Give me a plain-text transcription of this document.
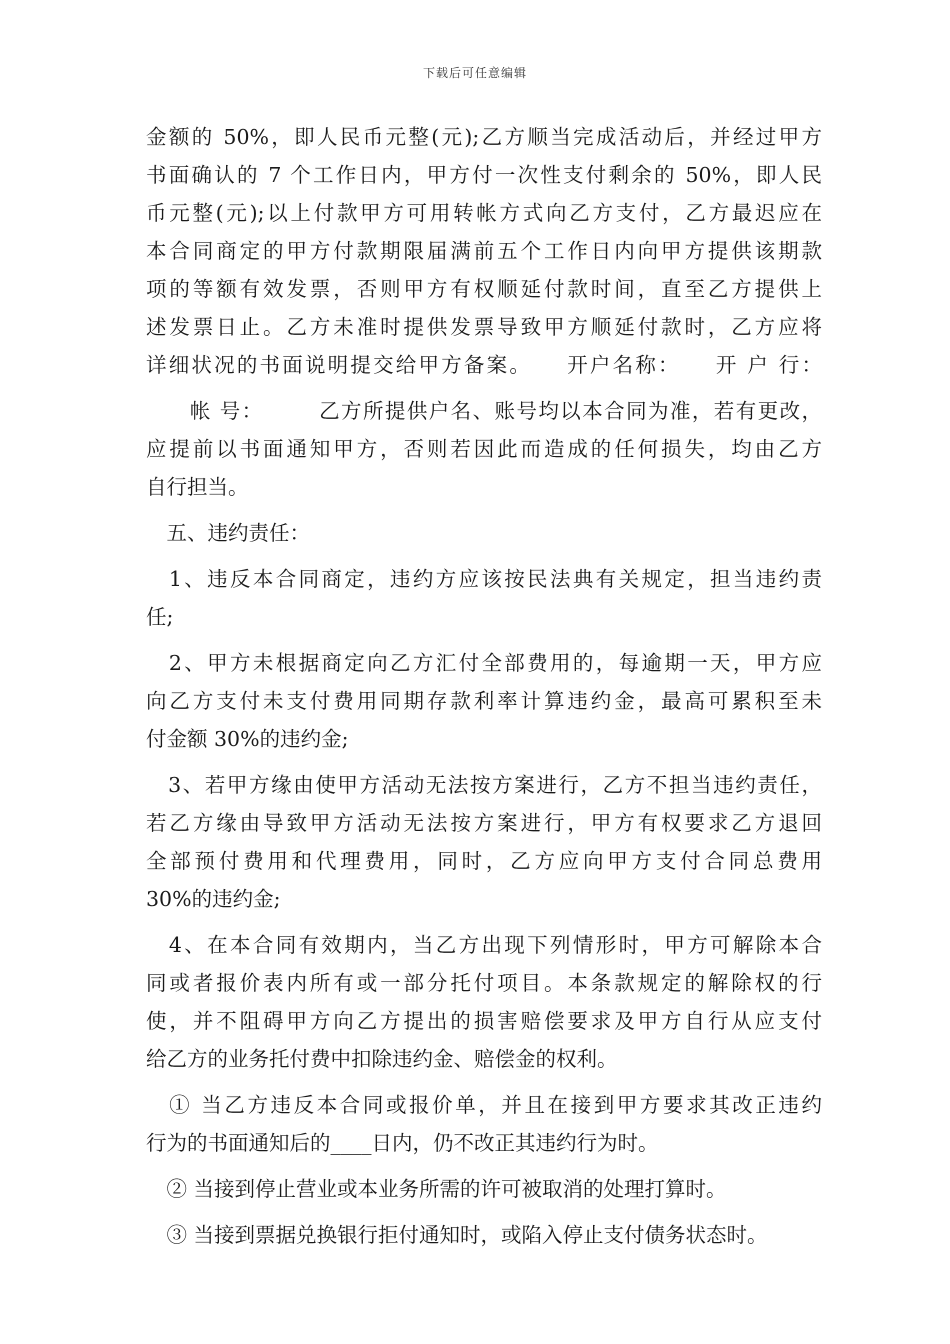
下载后可任意编辑
金额的 50%，即人民币元整(元);乙方顺当完成活动后，并经过甲方
书面确认的 7 个工作日内，甲方付一次性支付剩余的 50%，即人民
币元整(元);以上付款甲方可用转帐方式向乙方支付，乙方最迟应在
本合同商定的甲方付款期限届满前五个工作日内向甲方提供该期款
项的等额有效发票，否则甲方有权顺延付款时间，直至乙方提供上
述发票日止。乙方未准时提供发票导致甲方顺延付款时，乙方应将
详细状况的书面说明提交给甲方备案。　　开户名称：　　开 户 行：
　　帐 号：　　　乙方所提供户名、账号均以本合同为准，若有更改，
应提前以书面通知甲方，否则若因此而造成的任何损失，均由乙方
自行担当。
　五、违约责任：
　1、违反本合同商定，违约方应该按民法典有关规定，担当违约责
任;
　2、甲方未根据商定向乙方汇付全部费用的，每逾期一天，甲方应
向乙方支付未支付费用同期存款利率计算违约金，最高可累积至未
付金额 30%的违约金;
　3、若甲方缘由使甲方活动无法按方案进行，乙方不担当违约责任，
若乙方缘由导致甲方活动无法按方案进行，甲方有权要求乙方退回
全部预付费用和代理费用，同时，乙方应向甲方支付合同总费用
30%的违约金;
　4、在本合同有效期内，当乙方出现下列情形时，甲方可解除本合
同或者报价表内所有或一部分托付项目。本条款规定的解除权的行
使，并不阻碍甲方向乙方提出的损害赔偿要求及甲方自行从应支付
给乙方的业务托付费中扣除违约金、赔偿金的权利。
　① 当乙方违反本合同或报价单，并且在接到甲方要求其改正违约
行为的书面通知后的____日内，仍不改正其违约行为时。
　② 当接到停止营业或本业务所需的许可被取消的处理打算时。
　③ 当接到票据兑换银行拒付通知时，或陷入停止支付债务状态时。
